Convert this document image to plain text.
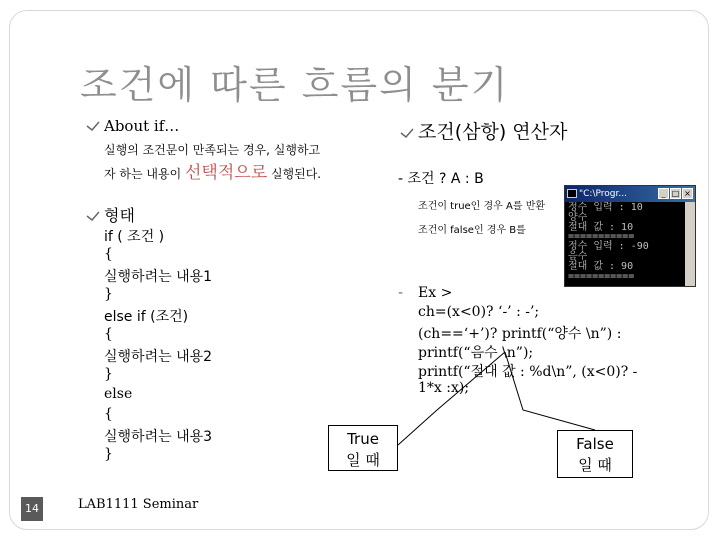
조건에 따른 흐름의 분기
About if…
실행의 조건문이 만족되는 경우, 실행하고
자 하는 내용이 선택적으로 실행된다.
형태
if ( 조건 )
{
실행하려는 내용1
}
else if (조건)
{
실행하려는 내용2
}
else
{
실행하려는 내용3
}
조건(삼항) 연산자
- 조건 ? A : B
조건이 true인 경우 A를 반환
조건이 false인 경우 B를
"C:\Progr...	_ □ ×
정수 입력 : 10
양수
절대 값 : 10
===========
정수 입력 : -90
음수
절대 값 : 90
===========
- Ex >
ch=(x<0)? ‘-’ : -’;
(ch==‘+’)? printf(“양수 \n”) :
printf(“음수 \n”);
printf(“절대 값 : %d\n”, (x<0)? -
1*x :x);
True
일 때
False
일 때
14	LAB1111 Seminar
